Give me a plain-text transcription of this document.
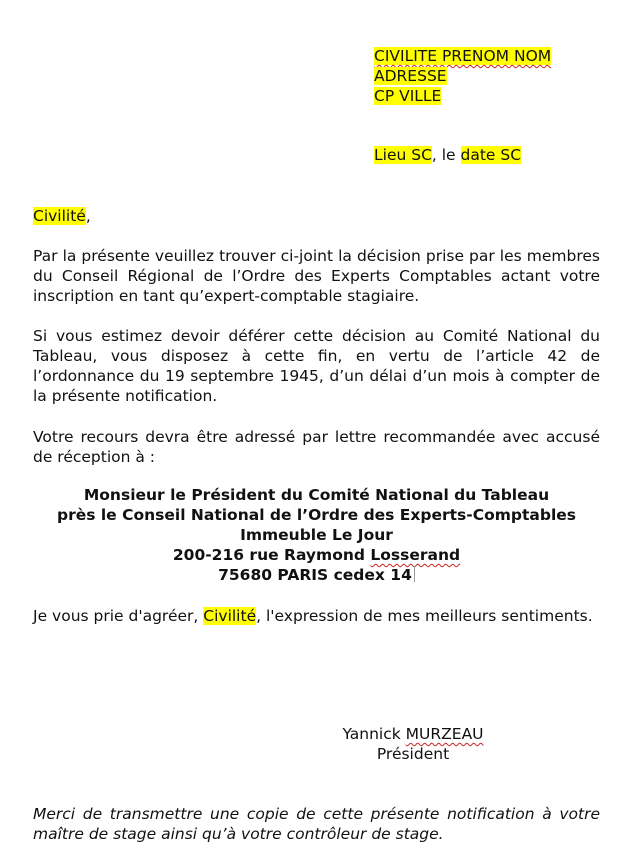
CIVILITE PRENOM NOM
ADRESSE
CP VILLE
Lieu SC, le date SC
Civilité,
Par la présente veuillez trouver ci-joint la décision prise par les membres du Conseil Régional de l’Ordre des Experts Comptables actant votre inscription en tant qu’expert-comptable stagiaire.
Si vous estimez devoir déférer cette décision au Comité National du Tableau, vous disposez à cette fin, en vertu de l’article 42 de l’ordonnance du 19 septembre 1945, d’un délai d’un mois à compter de la présente notification.
Votre recours devra être adressé par lettre recommandée avec accusé de réception à :
Monsieur le Président du Comité National du Tableau
près le Conseil National de l’Ordre des Experts-Comptables
Immeuble Le Jour
200-216 rue Raymond Losserand
75680 PARIS cedex 14
Je vous prie d'agréer, Civilité, l'expression de mes meilleurs sentiments.
Yannick MURZEAU
Président
Merci de transmettre une copie de cette présente notification à votre maître de stage ainsi qu’à votre contrôleur de stage.
